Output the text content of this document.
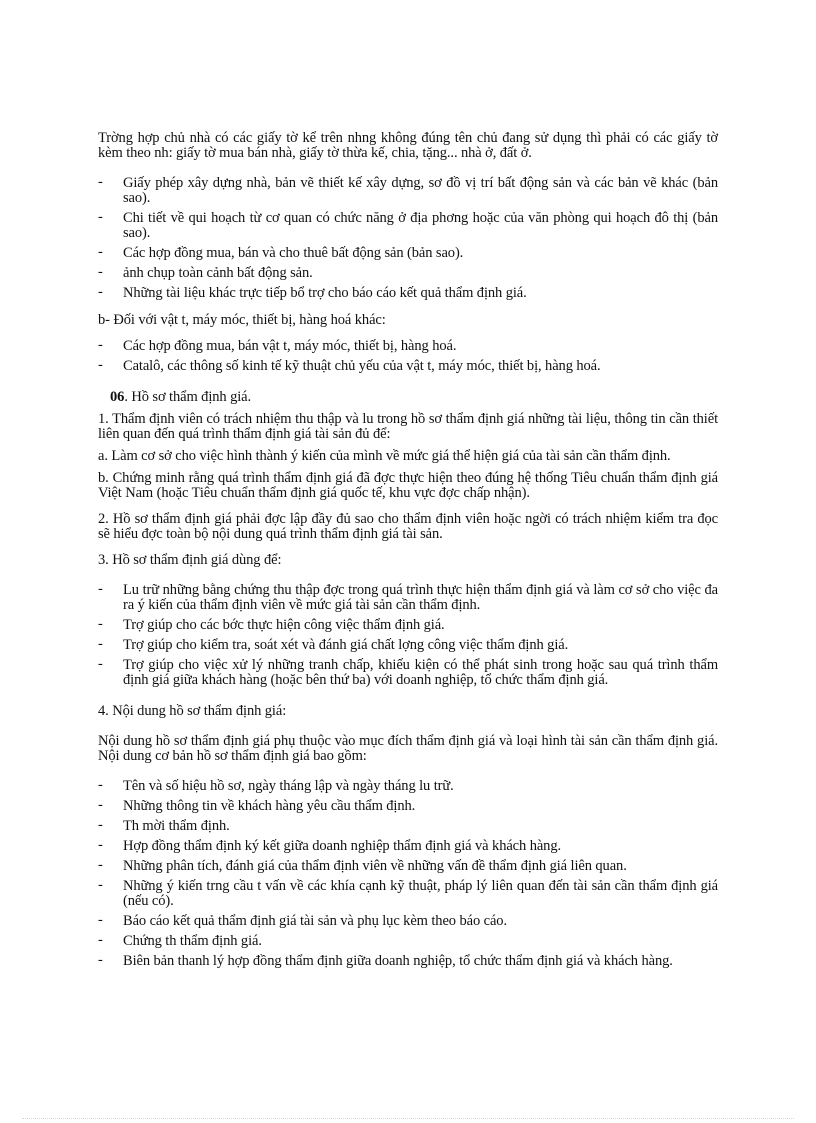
Trờng hợp chủ nhà có các giấy tờ kể trên nhng không đúng tên chủ đang sử dụng thì phải có các giấy tờ kèm theo nh: giấy tờ mua bán nhà, giấy tờ thừa kế, chia, tặng... nhà ở, đất ở.

- Giấy phép xây dựng nhà, bản vẽ thiết kế xây dựng, sơ đồ vị trí bất động sản và các bản vẽ khác (bản sao).
- Chi tiết về qui hoạch từ cơ quan có chức năng ở địa phơng hoặc của văn phòng qui hoạch đô thị (bản sao).
- Các hợp đồng mua, bán và cho thuê bất động sản (bản sao).
- ảnh chụp toàn cảnh bất động sản.
- Những tài liệu khác trực tiếp bổ trợ cho báo cáo kết quả thẩm định giá.

b- Đối với vật t, máy móc, thiết bị, hàng hoá khác:

- Các hợp đồng mua, bán vật t, máy móc, thiết bị, hàng hoá.
- Catalô, các thông số kinh tế kỹ thuật chủ yếu của vật t, máy móc, thiết bị, hàng hoá.

06. Hồ sơ thẩm định giá.

1. Thẩm định viên có trách nhiệm thu thập và lu trong hồ sơ thẩm định giá những tài liệu, thông tin cần thiết liên quan đến quá trình thẩm định giá tài sản đủ để:

a. Làm cơ sở cho việc hình thành ý kiến của mình về mức giá thể hiện giá của tài sản cần thẩm định.

b. Chứng minh rằng quá trình thẩm định giá đã đợc thực hiện theo đúng hệ thống Tiêu chuẩn thẩm định giá Việt Nam (hoặc Tiêu chuẩn thẩm định giá quốc tế, khu vực đợc chấp nhận).

2. Hồ sơ thẩm định giá phải đợc lập đầy đủ sao cho thẩm định viên hoặc ngời có trách nhiệm kiểm tra đọc sẽ hiểu đợc toàn bộ nội dung quá trình thẩm định giá tài sản.

3. Hồ sơ thẩm định giá dùng để:

- Lu trữ những bằng chứng thu thập đợc trong quá trình thực hiện thẩm định giá và làm cơ sở cho việc đa ra ý kiến của thẩm định viên về mức giá tài sản cần thẩm định.
- Trợ giúp cho các bớc thực hiện công việc thẩm định giá.
- Trợ giúp cho kiểm tra, soát xét và đánh giá chất lợng công việc thẩm định giá.
- Trợ giúp cho việc xử lý những tranh chấp, khiếu kiện có thể phát sinh trong hoặc sau quá trình thẩm định giá giữa khách hàng (hoặc bên thứ ba) với doanh nghiệp, tổ chức thẩm định giá.

4. Nội dung hồ sơ thẩm định giá:

Nội dung hồ sơ thẩm định giá phụ thuộc vào mục đích thẩm định giá và loại hình tài sản cần thẩm định giá. Nội dung cơ bản hồ sơ thẩm định giá bao gồm:

- Tên và số hiệu hồ sơ, ngày tháng lập và ngày tháng lu trữ.
- Những thông tin về khách hàng yêu cầu thẩm định.
- Th mời thẩm định.
- Hợp đồng thẩm định ký kết giữa doanh nghiệp thẩm định giá và khách hàng.
- Những phân tích, đánh giá của thẩm định viên về những vấn đề thẩm định giá liên quan.
- Những ý kiến trng cầu t vấn về các khía cạnh kỹ thuật, pháp lý liên quan đến tài sản cần thẩm định giá (nếu có).
- Báo cáo kết quả thẩm định giá tài sản và phụ lục kèm theo báo cáo.
- Chứng th thẩm định giá.
- Biên bản thanh lý hợp đồng thẩm định giữa doanh nghiệp, tổ chức thẩm định giá và khách hàng.
